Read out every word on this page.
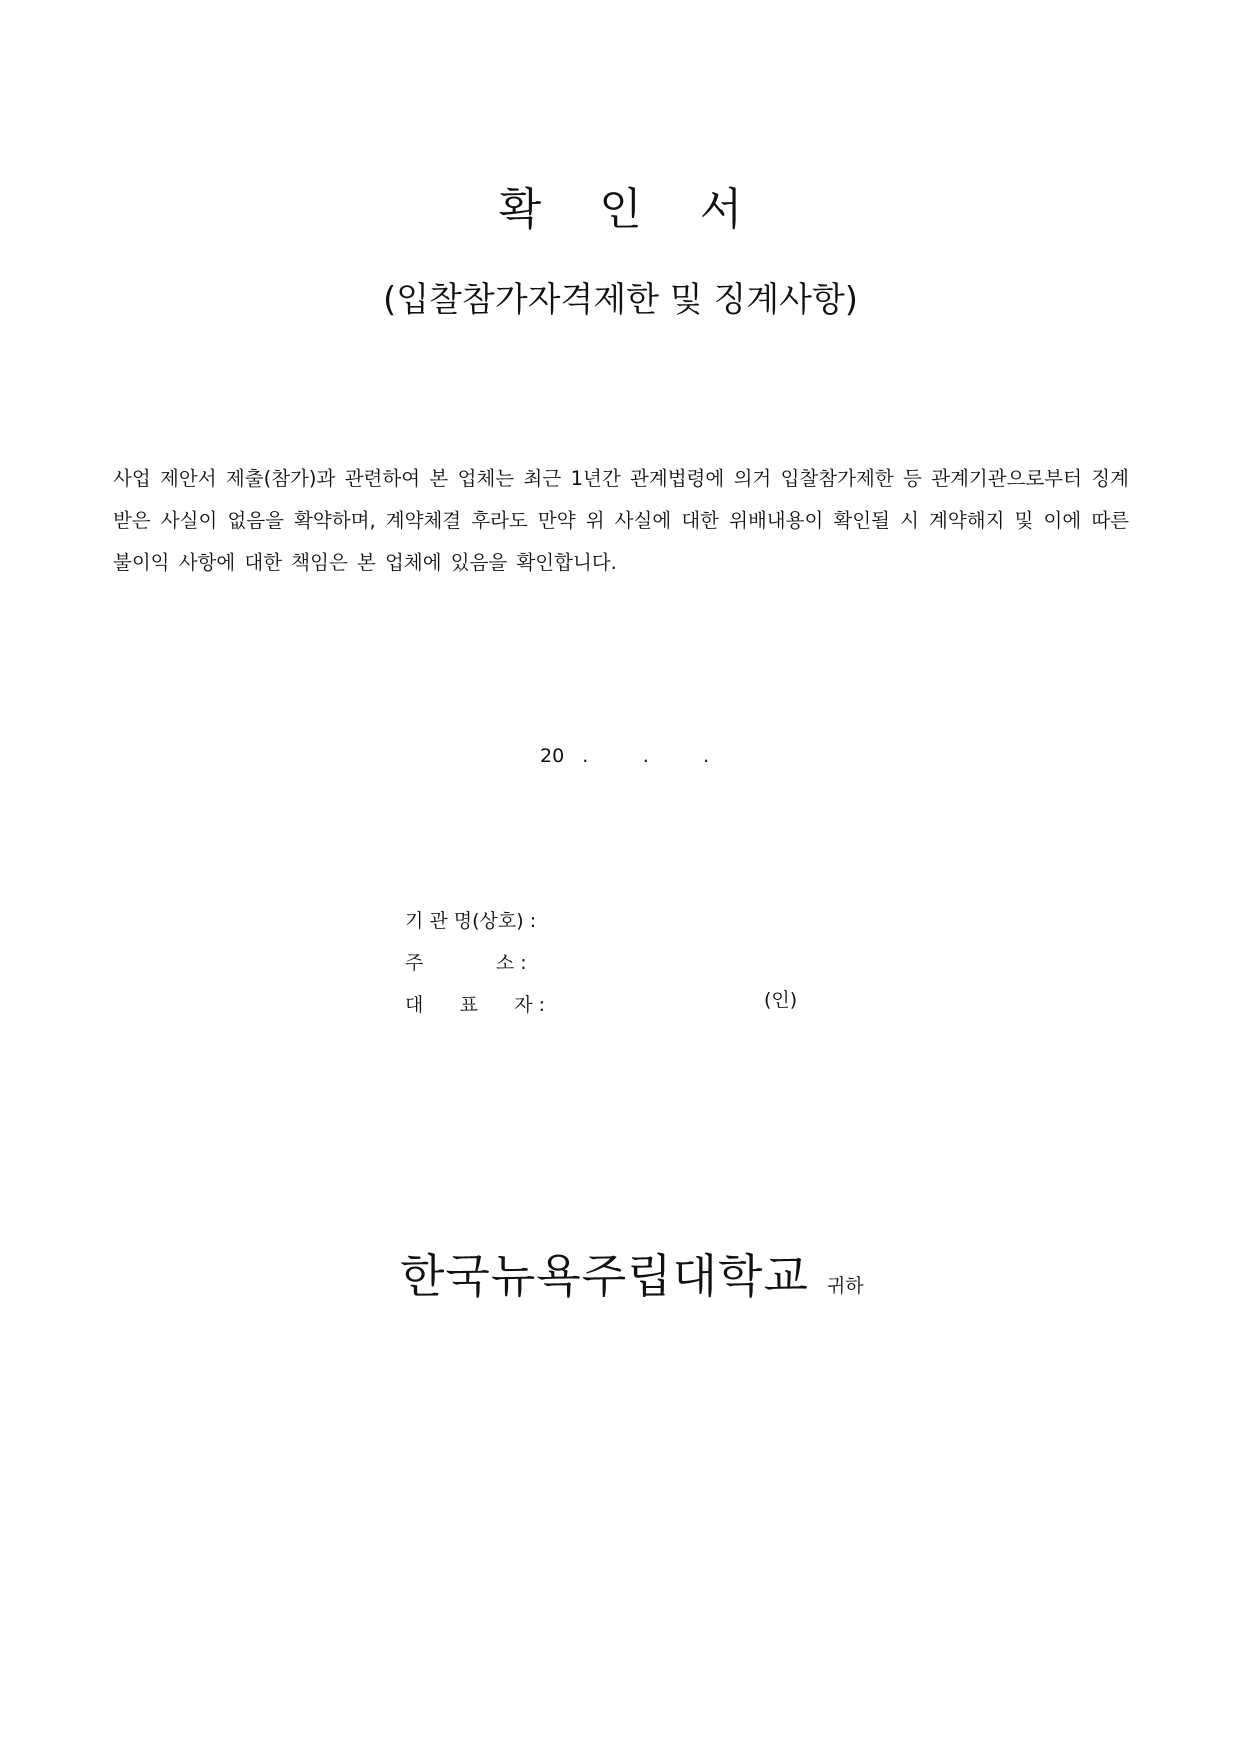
확 인 서
(입찰참가자격제한 및 징계사항)
사업 제안서 제출(참가)과 관련하여 본 업체는 최근 1년간 관계법령에 의거 입찰참가제한 등 관계기관으로부터 징계 받은 사실이 없음을 확약하며, 계약체결 후라도 만약 위 사실에 대한 위배내용이 확인될 시 계약해지 및 이에 따른 불이익 사항에 대한 책임은 본 업체에 있음을 확인합니다.
20   .         .         .
기 관 명(상호) :
주            소 :
대      표      자 :	(인)
한국뉴욕주립대학교 귀하
